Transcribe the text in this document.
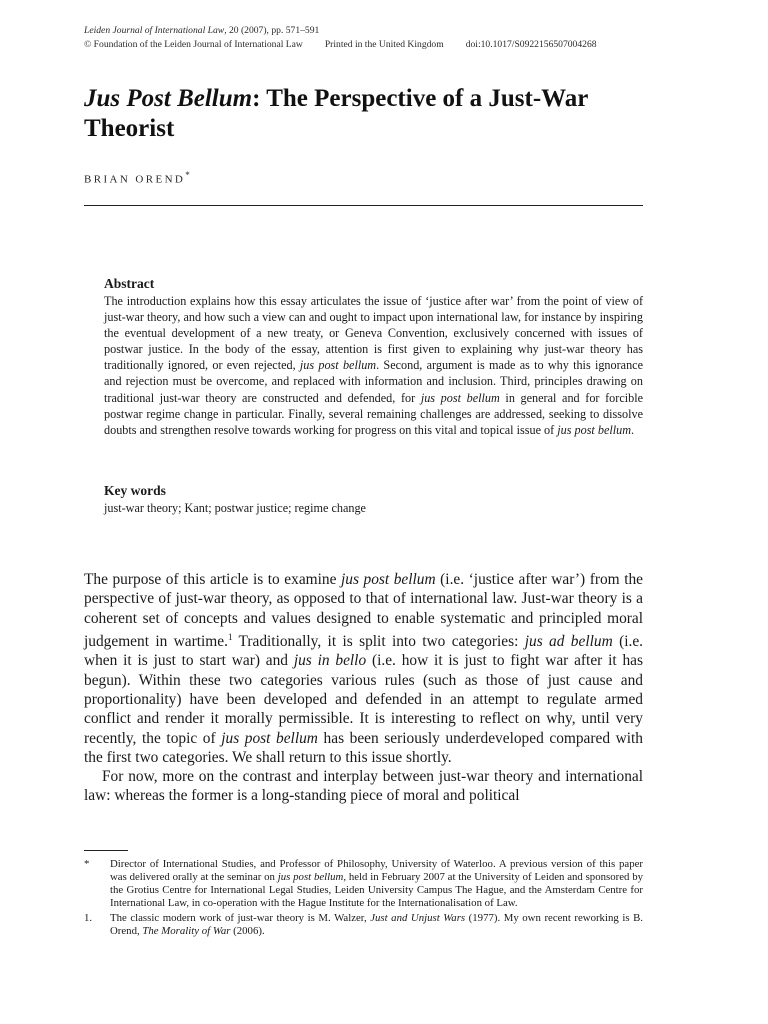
Leiden Journal of International Law, 20 (2007), pp. 571–591
© Foundation of the Leiden Journal of International Law Printed in the United Kingdom doi:10.1017/S0922156507004268
Jus Post Bellum: The Perspective of a Just-War Theorist
BRIAN OREND*

Abstract

The introduction explains how this essay articulates the issue of ‘justice after war’ from the point of view of just-war theory, and how such a view can and ought to impact upon international law, for instance by inspiring the eventual development of a new treaty, or Geneva Convention, exclusively concerned with issues of postwar justice. In the body of the essay, attention is first given to explaining why just-war theory has traditionally ignored, or even rejected, jus post bellum. Second, argument is made as to why this ignorance and rejection must be overcome, and replaced with information and inclusion. Third, principles drawing on traditional just-war theory are constructed and defended, for jus post bellum in general and for forcible postwar regime change in particular. Finally, several remaining challenges are addressed, seeking to dissolve doubts and strengthen resolve towards working for progress on this vital and topical issue of jus post bellum.

Key words

just-war theory; Kant; postwar justice; regime change

The purpose of this article is to examine jus post bellum (i.e. ‘justice after war’) from the perspective of just-war theory, as opposed to that of international law. Just-war theory is a coherent set of concepts and values designed to enable systematic and principled moral judgement in wartime.$^1$ Traditionally, it is split into two categories: jus ad bellum (i.e. when it is just to start war) and jus in bello (i.e. how it is just to fight war after it has begun). Within these two categories various rules (such as those of just cause and proportionality) have been developed and defended in an attempt to regulate armed conflict and render it morally permissible. It is interesting to reflect on why, until very recently, the topic of jus post bellum has been seriously underdeveloped compared with the first two categories. We shall return to this issue shortly.

For now, more on the contrast and interplay between just-war theory and international law: whereas the former is a long-standing piece of moral and political

* Director of International Studies, and Professor of Philosophy, University of Waterloo. A previous version of this paper was delivered orally at the seminar on jus post bellum, held in February 2007 at the University of Leiden and sponsored by the Grotius Centre for International Legal Studies, Leiden University Campus The Hague, and the Amsterdam Centre for International Law, in co-operation with the Hague Institute for the Internationalisation of Law.

1. The classic modern work of just-war theory is M. Walzer, Just and Unjust Wars (1977). My own recent reworking is B. Orend, The Morality of War (2006).
